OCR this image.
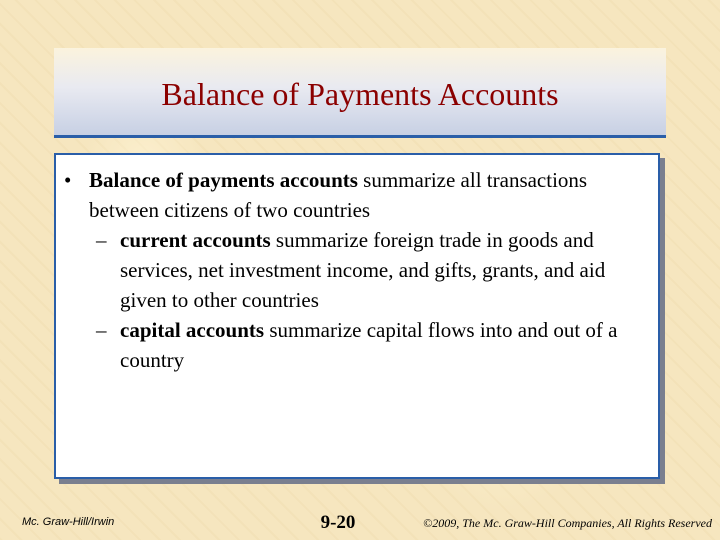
Balance of Payments Accounts
• Balance of payments accounts summarize all transactions between citizens of two countries
– current accounts summarize foreign trade in goods and services, net investment income, and gifts, grants, and aid given to other countries
– capital accounts summarize capital flows into and out of a country
Mc. Graw-Hill/Irwin	9-20	©2009, The Mc. Graw-Hill Companies, All Rights Reserved
